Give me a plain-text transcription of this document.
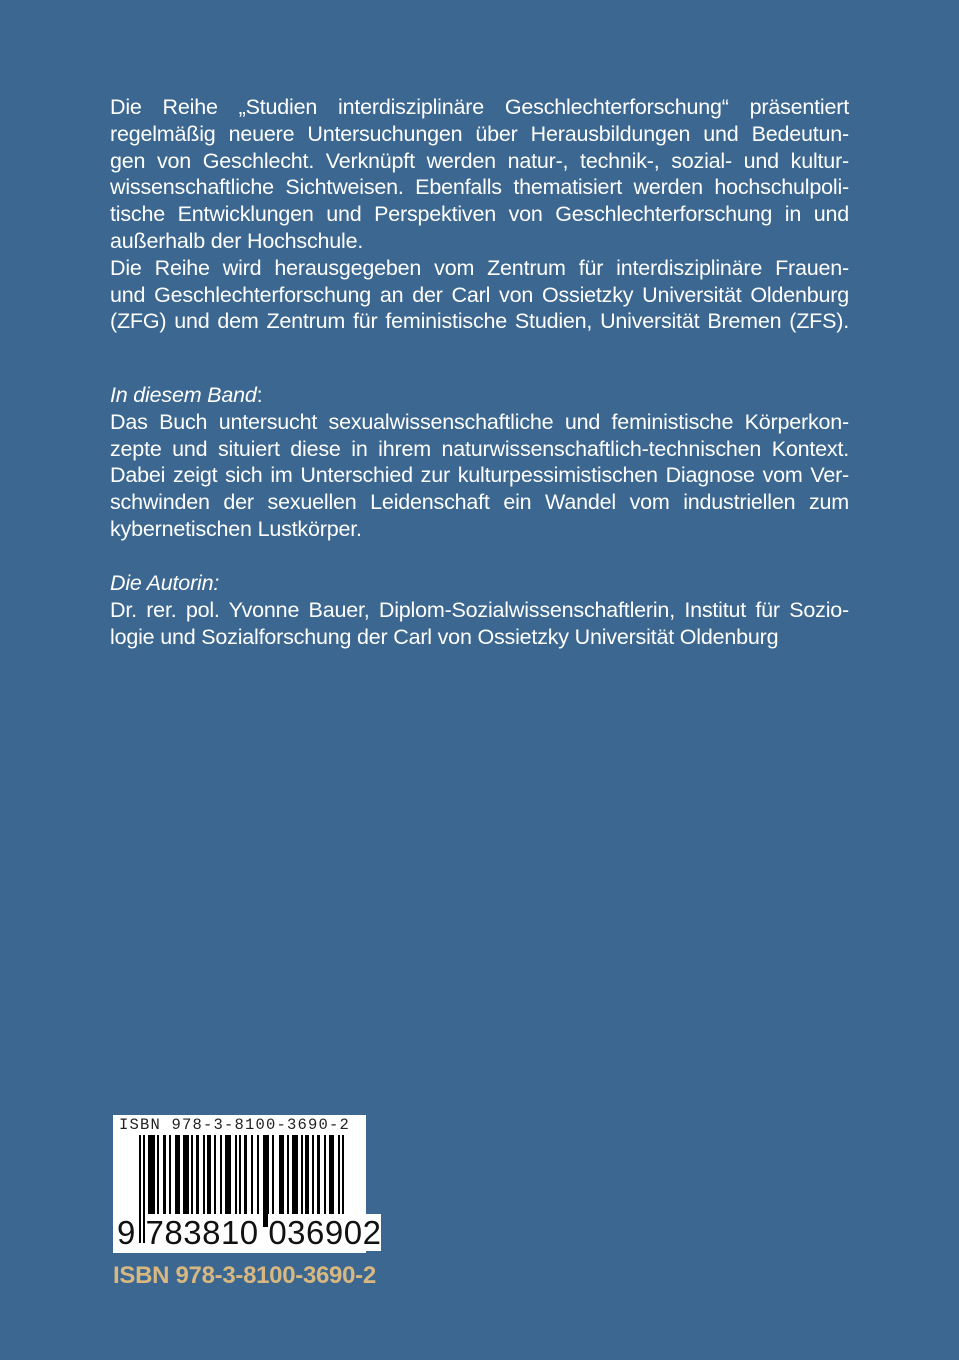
Die Reihe „Studien interdisziplinäre Geschlechterforschung“ präsentiert
regelmäßig neuere Untersuchungen über Herausbildungen und Bedeutun-
gen von Geschlecht. Verknüpft werden natur-, technik-, sozial- und kultur-
wissenschaftliche Sichtweisen. Ebenfalls thematisiert werden hochschulpoli-
tische Entwicklungen und Perspektiven von Geschlechterforschung in und
außerhalb der Hochschule.
Die Reihe wird herausgegeben vom Zentrum für interdisziplinäre Frauen-
und Geschlechterforschung an der Carl von Ossietzky Universität Oldenburg
(ZFG) und dem Zentrum für feministische Studien, Universität Bremen (ZFS).
In diesem Band:
Das Buch untersucht sexualwissenschaftliche und feministische Körperkon-
zepte und situiert diese in ihrem naturwissenschaftlich-technischen Kontext.
Dabei zeigt sich im Unterschied zur kulturpessimistischen Diagnose vom Ver-
schwinden der sexuellen Leidenschaft ein Wandel vom industriellen zum
kybernetischen Lustkörper.
Die Autorin:
Dr. rer. pol. Yvonne Bauer, Diplom-Sozialwissenschaftlerin, Institut für Sozio-
logie und Sozialforschung der Carl von Ossietzky Universität Oldenburg
ISBN 978-3-8100-3690-2
9 783810 036902
ISBN 978-3-8100-3690-2
